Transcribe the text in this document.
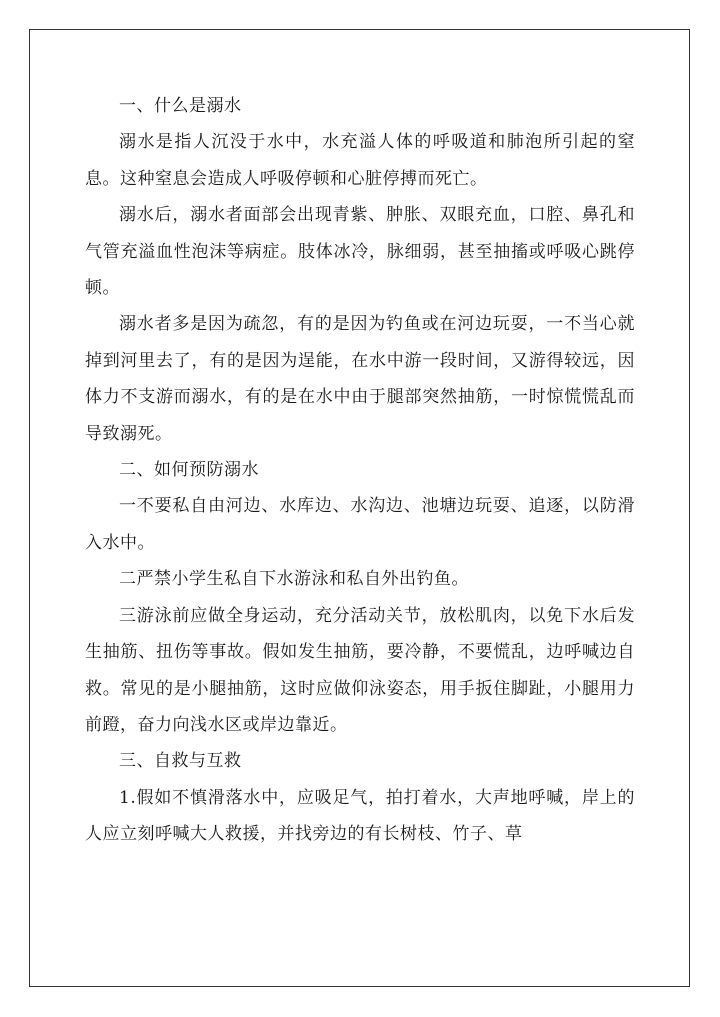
一、什么是溺水

溺水是指人沉没于水中，水充溢人体的呼吸道和肺泡所引起的窒息。这种窒息会造成人呼吸停顿和心脏停搏而死亡。

溺水后，溺水者面部会出现青紫、肿胀、双眼充血，口腔、鼻孔和气管充溢血性泡沫等病症。肢体冰冷，脉细弱，甚至抽搐或呼吸心跳停顿。

溺水者多是因为疏忽，有的是因为钓鱼或在河边玩耍，一不当心就掉到河里去了，有的是因为逞能，在水中游一段时间，又游得较远，因体力不支游而溺水，有的是在水中由于腿部突然抽筋，一时惊慌慌乱而导致溺死。

二、如何预防溺水

一不要私自由河边、水库边、水沟边、池塘边玩耍、追逐，以防滑入水中。

二严禁小学生私自下水游泳和私自外出钓鱼。

三游泳前应做全身运动，充分活动关节，放松肌肉，以免下水后发生抽筋、扭伤等事故。假如发生抽筋，要冷静，不要慌乱，边呼喊边自救。常见的是小腿抽筋，这时应做仰泳姿态，用手扳住脚趾，小腿用力前蹬，奋力向浅水区或岸边靠近。

三、自救与互救

1.假如不慎滑落水中，应吸足气，拍打着水，大声地呼喊，岸上的人应立刻呼喊大人救援，并找旁边的有长树枝、竹子、草
